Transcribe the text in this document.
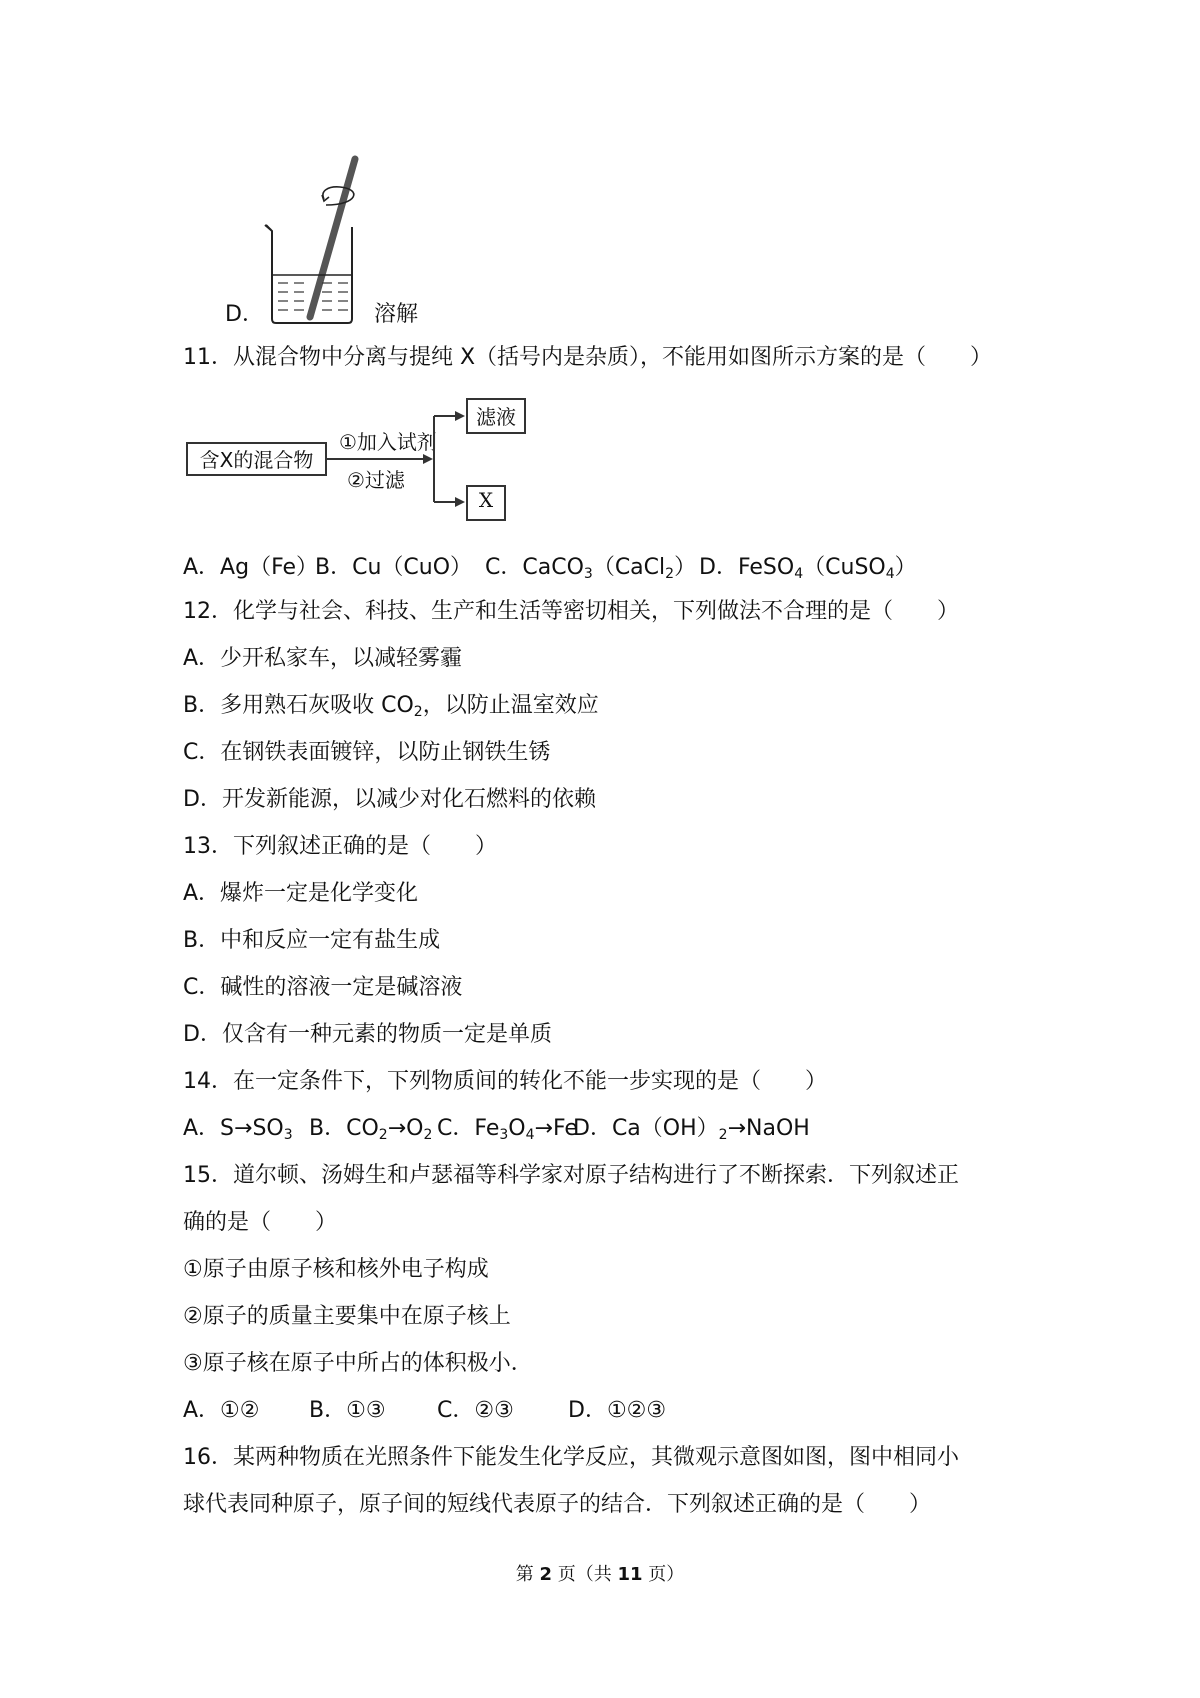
D．	溶解
11．从混合物中分离与提纯 X（括号内是杂质），不能用如图所示方案的是（　　）
含X的混合物
①加入试剂
②过滤
滤液
X
A．Ag（Fe）B．Cu（CuO） C．CaCO$_3$（CaCl$_2$） D．FeSO$_4$（CuSO$_4$）
12．化学与社会、科技、生产和生活等密切相关，下列做法不合理的是（　　）
A．少开私家车，以减轻雾霾
B．多用熟石灰吸收 $CO_2$，以防止温室效应
C．在钢铁表面镀锌，以防止钢铁生锈
D．开发新能源，以减少对化石燃料的依赖
13．下列叙述正确的是（　　）
A．爆炸一定是化学变化
B．中和反应一定有盐生成
C．碱性的溶液一定是碱溶液
D．仅含有一种元素的物质一定是单质
14．在一定条件下，下列物质间的转化不能一步实现的是（　　）
A．$S\to SO_3$ B．$CO_2\to O_2$ C．$Fe_3O_4\to FeD$．$Ca(OH)_2\to NaOH$
15．道尔顿、汤姆生和卢瑟福等科学家对原子结构进行了不断探索．下列叙述正
确的是（　　）
①原子由原子核和核外电子构成
②原子的质量主要集中在原子核上
③原子核在原子中所占的体积极小．
A．①② B．①③ C．②③ D．①②③
16．某两种物质在光照条件下能发生化学反应，其微观示意图如图，图中相同小
球代表同种原子，原子间的短线代表原子的结合．下列叙述正确的是（　　）
第 2 页（共 11 页）
